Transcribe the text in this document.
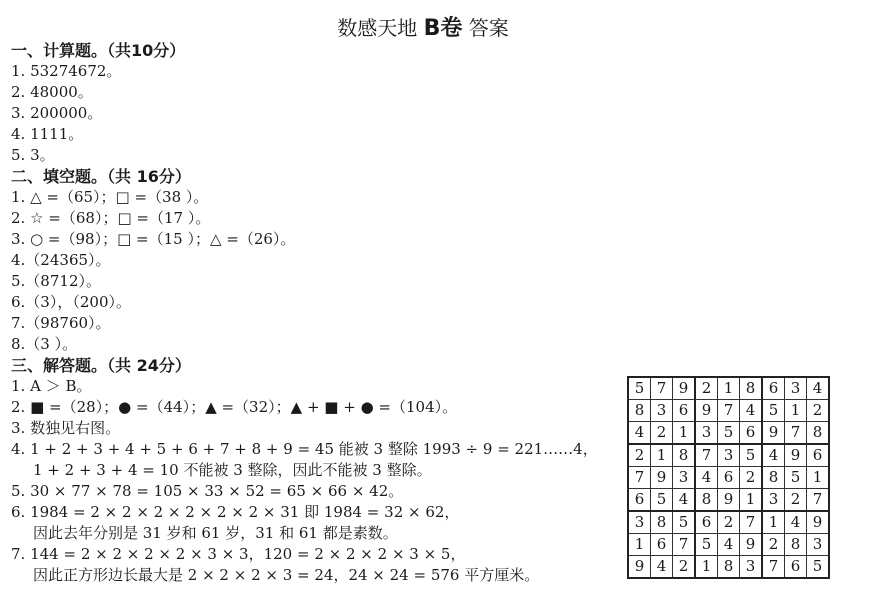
数感天地 B卷 答案
一、计算题。（共10分）
1. 53274672。
2. 48000。
3. 200000。
4. 1111。
5. 3。
二、填空题。（共 16分）
1. △ =（65）；□ =（38 ）。
2. ☆ =（68）；□ =（17 ）。
3. ○ =（98）；□ =（15 ）；△ =（26）。
4.（24365）。
5.（8712）。
6.（3），（200）。
7.（98760）。
8.（3 ）。
三、解答题。（共 24分）
1. A ＞ B。
2. ■ =（28）；● =（44）；▲ =（32）；▲ + ■ + ● =（104）。
3. 数独见右图。
4. 1 + 2 + 3 + 4 + 5 + 6 + 7 + 8 + 9 = 45 能被 3 整除 1993 ÷ 9 = 221……4，
1 + 2 + 3 + 4 = 10 不能被 3 整除，因此不能被 3 整除。
5. 30 × 77 × 78 = 105 × 33 × 52 = 65 × 66 × 42。
6. 1984 = 2 × 2 × 2 × 2 × 2 × 2 × 31 即 1984 = 32 × 62，
因此去年分别是 31 岁和 61 岁，31 和 61 都是素数。
7. 144 = 2 × 2 × 2 × 2 × 3 × 3，120 = 2 × 2 × 2 × 3 × 5，
因此正方形边长最大是 2 × 2 × 2 × 3 = 24，24 × 24 = 576 平方厘米。
5	7	9	2	1	8	6	3	4
8	3	6	9	7	4	5	1	2
4	2	1	3	5	6	9	7	8
2	1	8	7	3	5	4	9	6
7	9	3	4	6	2	8	5	1
6	5	4	8	9	1	3	2	7
3	8	5	6	2	7	1	4	9
1	6	7	5	4	9	2	8	3
9	4	2	1	8	3	7	6	5
